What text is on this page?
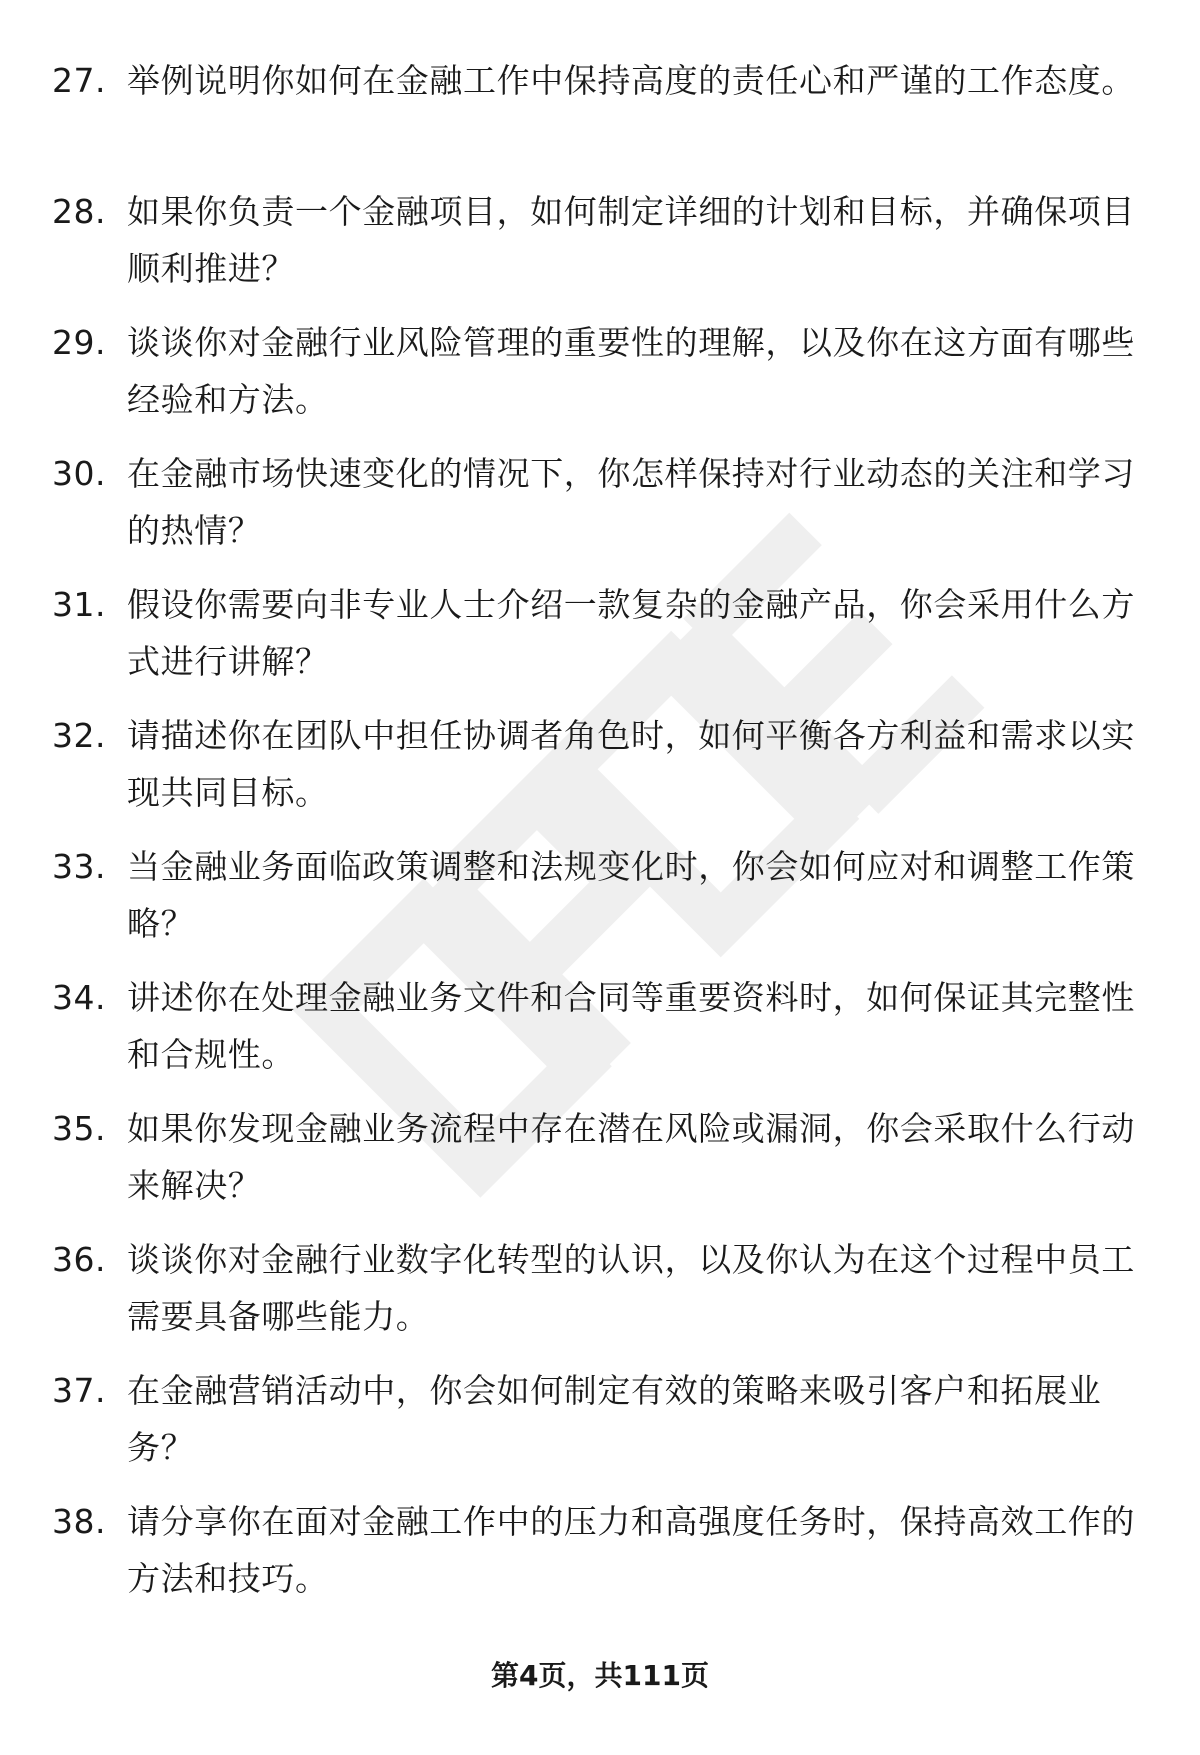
27. 举例说明你如何在金融工作中保持高度的责任心和严谨的工作态度。
28. 如果你负责一个金融项目，如何制定详细的计划和目标，并确保项目顺利推进？
29. 谈谈你对金融行业风险管理的重要性的理解，以及你在这方面有哪些经验和方法。
30. 在金融市场快速变化的情况下，你怎样保持对行业动态的关注和学习的热情？
31. 假设你需要向非专业人士介绍一款复杂的金融产品，你会采用什么方式进行讲解？
32. 请描述你在团队中担任协调者角色时，如何平衡各方利益和需求以实现共同目标。
33. 当金融业务面临政策调整和法规变化时，你会如何应对和调整工作策略？
34. 讲述你在处理金融业务文件和合同等重要资料时，如何保证其完整性和合规性。
35. 如果你发现金融业务流程中存在潜在风险或漏洞，你会采取什么行动来解决？
36. 谈谈你对金融行业数字化转型的认识，以及你认为在这个过程中员工需要具备哪些能力。
37. 在金融营销活动中，你会如何制定有效的策略来吸引客户和拓展业务？
38. 请分享你在面对金融工作中的压力和高强度任务时，保持高效工作的方法和技巧。
第4页，共111页
